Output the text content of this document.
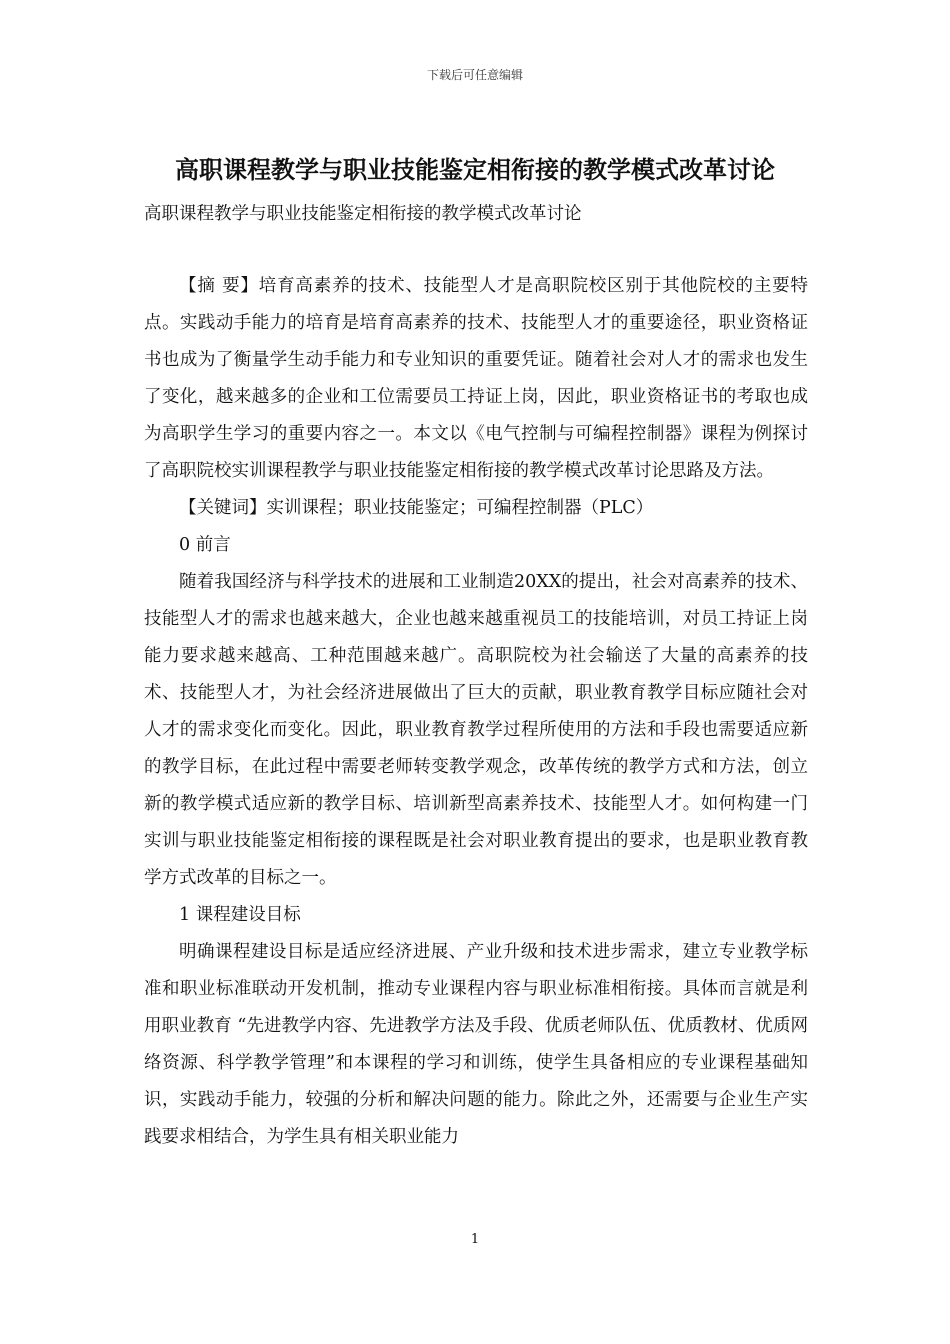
下载后可任意编辑
高职课程教学与职业技能鉴定相衔接的教学模式改革讨论
高职课程教学与职业技能鉴定相衔接的教学模式改革讨论

【摘 要】培育高素养的技术、技能型人才是高职院校区别于其他院校的主要特点。实践动手能力的培育是培育高素养的技术、技能型人才的重要途径，职业资格证书也成为了衡量学生动手能力和专业知识的重要凭证。随着社会对人才的需求也发生了变化，越来越多的企业和工位需要员工持证上岗，因此，职业资格证书的考取也成为高职学生学习的重要内容之一。本文以《电气控制与可编程控制器》课程为例探讨了高职院校实训课程教学与职业技能鉴定相衔接的教学模式改革讨论思路及方法。

【关键词】实训课程；职业技能鉴定；可编程控制器（PLC）

0 前言

随着我国经济与科学技术的进展和工业制造20XX的提出，社会对高素养的技术、技能型人才的需求也越来越大，企业也越来越重视员工的技能培训，对员工持证上岗能力要求越来越高、工种范围越来越广。高职院校为社会输送了大量的高素养的技术、技能型人才，为社会经济进展做出了巨大的贡献，职业教育教学目标应随社会对人才的需求变化而变化。因此，职业教育教学过程所使用的方法和手段也需要适应新的教学目标，在此过程中需要老师转变教学观念，改革传统的教学方式和方法，创立新的教学模式适应新的教学目标、培训新型高素养技术、技能型人才。如何构建一门实训与职业技能鉴定相衔接的课程既是社会对职业教育提出的要求，也是职业教育教学方式改革的目标之一。

1 课程建设目标

明确课程建设目标是适应经济进展、产业升级和技术进步需求，建立专业教学标准和职业标准联动开发机制，推动专业课程内容与职业标准相衔接。具体而言就是利用职业教育 “先进教学内容、先进教学方法及手段、优质老师队伍、优质教材、优质网络资源、科学教学管理”和本课程的学习和训练，使学生具备相应的专业课程基础知识，实践动手能力，较强的分析和解决问题的能力。除此之外，还需要与企业生产实践要求相结合，为学生具有相关职业能力

1
